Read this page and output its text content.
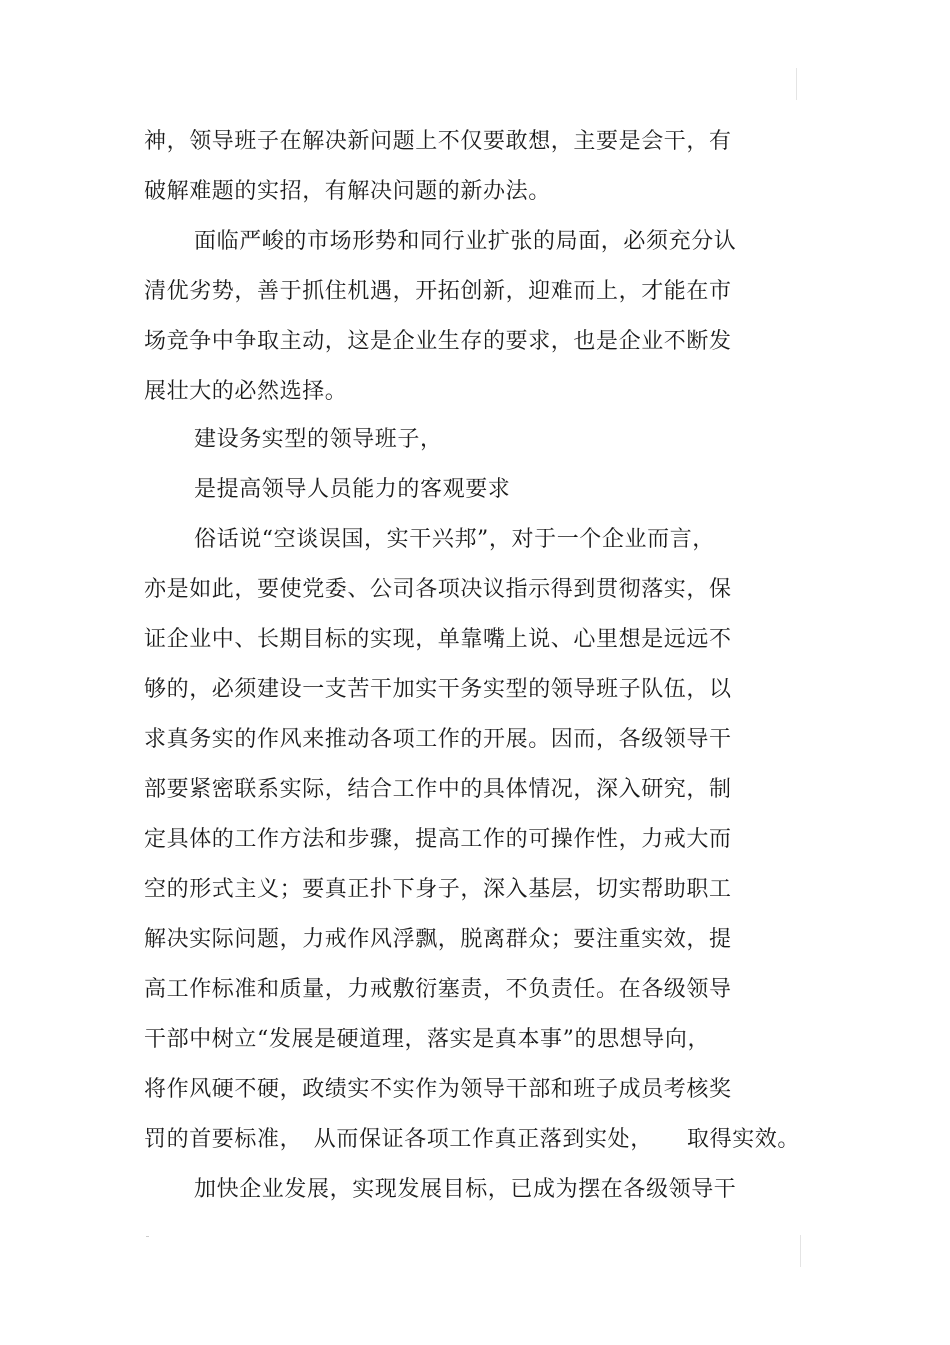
神，领导班子在解决新问题上不仅要敢想，主要是会干，有
破解难题的实招，有解决问题的新办法。
面临严峻的市场形势和同行业扩张的局面，必须充分认
清优劣势，善于抓住机遇，开拓创新，迎难而上，才能在市
场竞争中争取主动，这是企业生存的要求，也是企业不断发
展壮大的必然选择。
建设务实型的领导班子，
是提高领导人员能力的客观要求
俗话说“空谈误国，实干兴邦”，对于一个企业而言，
亦是如此，要使党委、公司各项决议指示得到贯彻落实，保
证企业中、长期目标的实现，单靠嘴上说、心里想是远远不
够的，必须建设一支苦干加实干务实型的领导班子队伍，以
求真务实的作风来推动各项工作的开展。因而，各级领导干
部要紧密联系实际，结合工作中的具体情况，深入研究，制
定具体的工作方法和步骤，提高工作的可操作性，力戒大而
空的形式主义；要真正扑下身子，深入基层，切实帮助职工
解决实际问题，力戒作风浮飘，脱离群众；要注重实效，提
高工作标准和质量，力戒敷衍塞责，不负责任。在各级领导
干部中树立“发展是硬道理，落实是真本事”的思想导向，
将作风硬不硬，政绩实不实作为领导干部和班子成员考核奖
罚的首要标准，　从而保证各项工作真正落到实处，　　取得实效。
加快企业发展，实现发展目标，已成为摆在各级领导干
